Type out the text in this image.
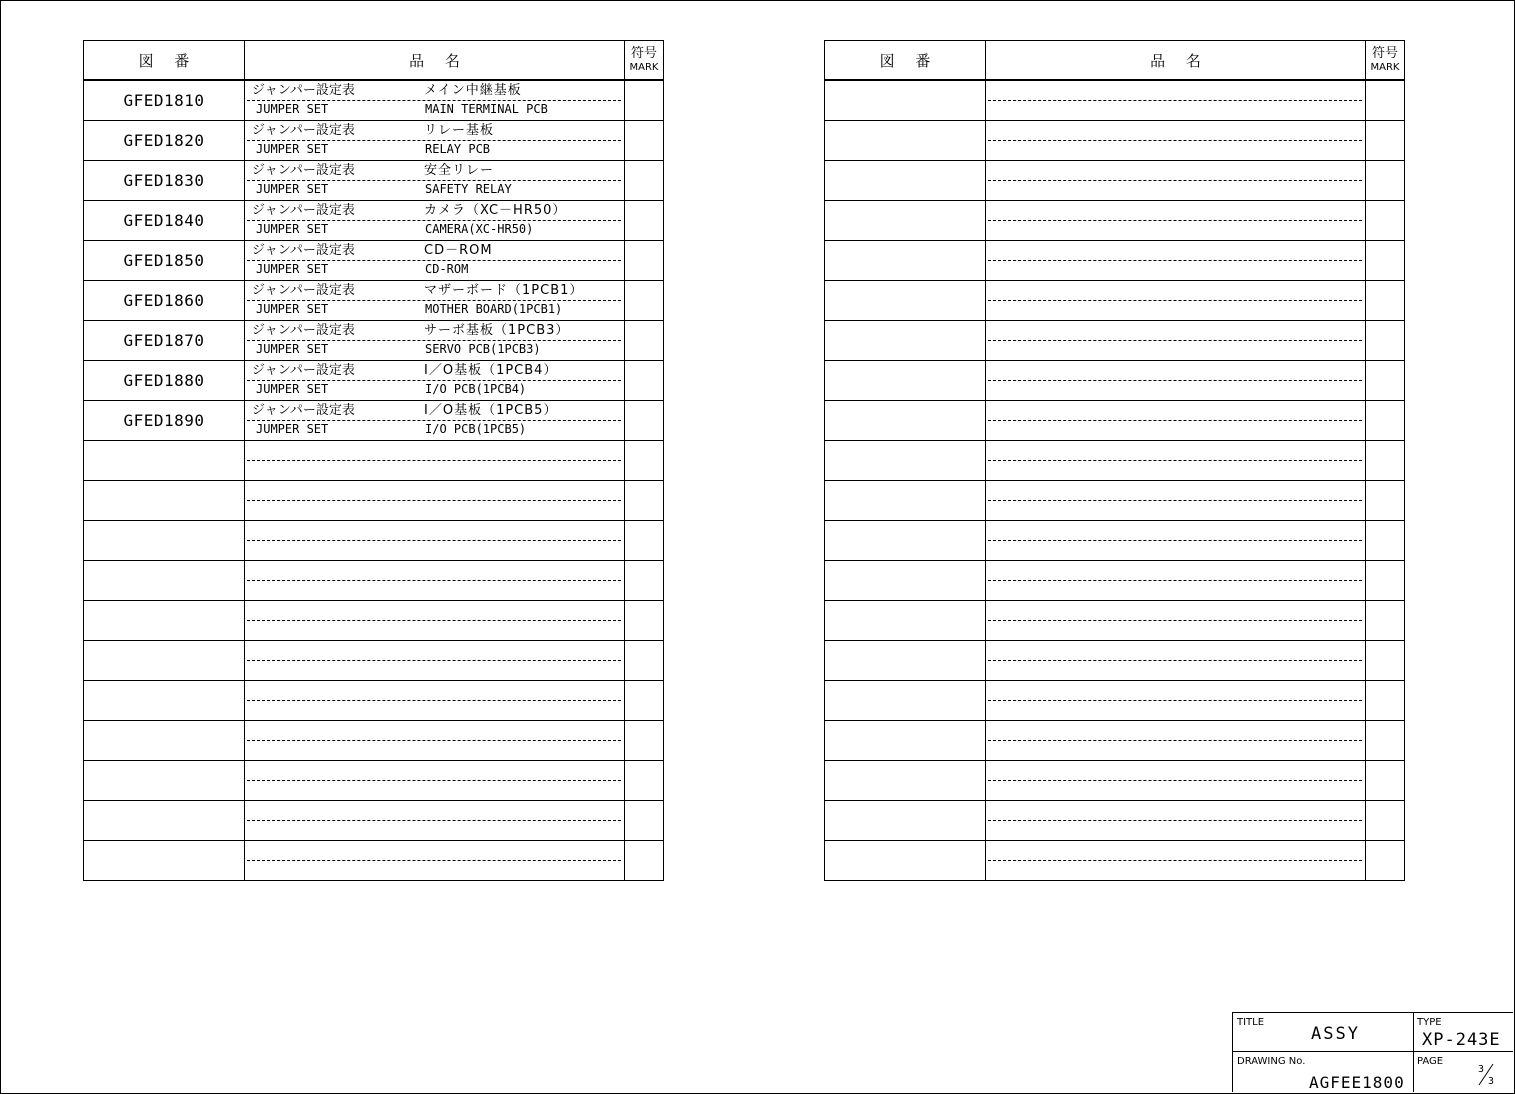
図 番	品 名	符号
MARK
GFED1810
ジャンパー設定表	メイン中継基板
JUMPER SET	MAIN TERMINAL PCB
GFED1820
ジャンパー設定表	リレー基板
JUMPER SET	RELAY PCB
GFED1830
ジャンパー設定表	安全リレー
JUMPER SET	SAFETY RELAY
GFED1840
ジャンパー設定表	カメラ（XC－HR50）
JUMPER SET	CAMERA(XC-HR50)
GFED1850
ジャンパー設定表	CD－ROM
JUMPER SET	CD-ROM
GFED1860
ジャンパー設定表	マザーボード（1PCB1）
JUMPER SET	MOTHER BOARD(1PCB1)
GFED1870
ジャンパー設定表	サーボ基板（1PCB3）
JUMPER SET	SERVO PCB(1PCB3)
GFED1880
ジャンパー設定表	I／O基板（1PCB4）
JUMPER SET	I/O PCB(1PCB4)
GFED1890
ジャンパー設定表	I／O基板（1PCB5）
JUMPER SET	I/O PCB(1PCB5)
図 番	品 名	符号
MARK
TITLE
ASSY
TYPE
XP-243E
DRAWING No.
AGFEE1800
PAGE
3
3
